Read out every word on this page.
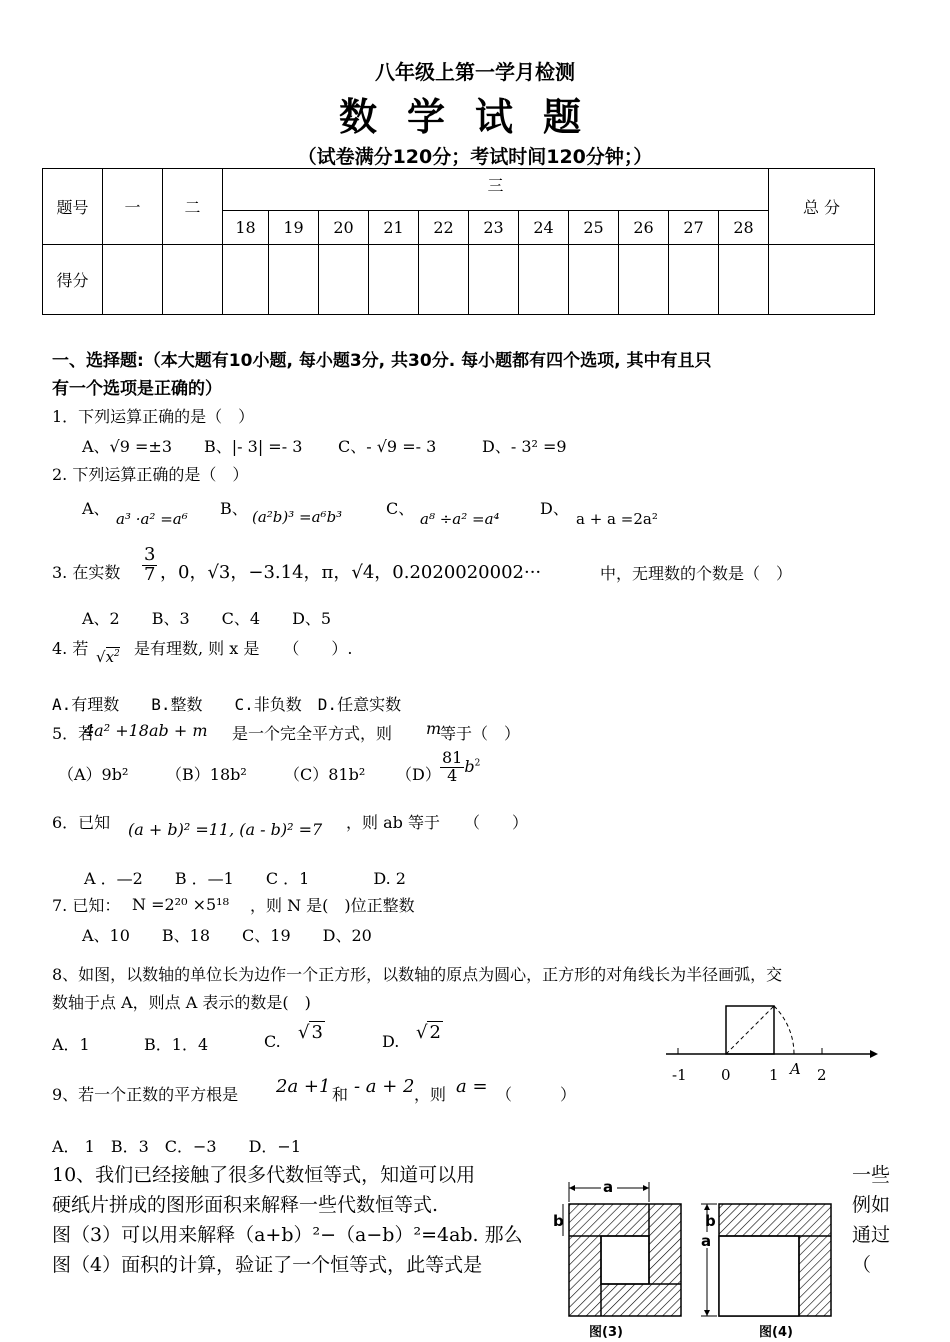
八年级上第一学月检测
数学试题
（试卷满分120分；考试时间120分钟；）
题号	一	二	三											总 分
			18	19	20	21	22	23	24	25	26	27	28	
得分														
一、选择题:（本大题有10小题, 每小题3分, 共30分. 每小题都有四个选项, 其中有且只
有一个选项是正确的）
1．下列运算正确的是（　）
A、√9 =±3 B、|- 3| =- 3 C、- √9 =- 3	D、- 3² =9
2. 下列运算正确的是（　）
A、
a³ ·a² =a⁶
B、 (a²b)³ =a⁶b³	C、
a⁸ ÷a² =a⁴
D、
a + a =2a²
3. 在实数 $\frac{3}{7}$ ，0，√3，−3.14，π，√4，0.2020020002···	中，无理数的个数是（　）
A、2　　B、3　　C、4　　D、5
4. 若 $√x^2$ 是有理数, 则 x 是　　（　　）.
A.有理数　　B.整数　　C.非负数　D.任意实数
5．若
4a² +18ab + m 是一个完全平方式，则 m
等于（　）
（A）9b² （B）18b² （C）81b² $(D) \frac{81}{4} b^2$
6．已知 (a + b)² =11, (a - b)² =7 ，则 ab 等于　　（　　）
A ．—2　　B ．—1　　C ．1　　　　D. 2
7. 已知： N =2²⁰ ×5¹⁸ ，则 N 是(　)位正整数
A、10　　B、18　　C、19　　D、20
8、如图，以数轴的单位长为边作一个正方形，以数轴的原点为圆心，正方形的对角线长为半径画弧，交
数轴于点 A，则点 A 表示的数是(　)
A．1	B．1．4	C. √ 3	D. √ 2
-1 0	1 A 2
9、若一个正数的平方根是 2a +1 和 - a + 2 ，则 a = （　　　）
A． 1　B．3　C．−3　　D．−1
10、我们已经接触了很多代数恒等式，知道可以用
硬纸片拼成的图形面积来解释一些代数恒等式.
图（3）可以用来解释（a+b）²−（a−b）²=4ab. 那么
图（4）面积的计算，验证了一个恒等式，此等式是
一些
例如
通过
（
a
b
图(3)
a
b
图(4)
